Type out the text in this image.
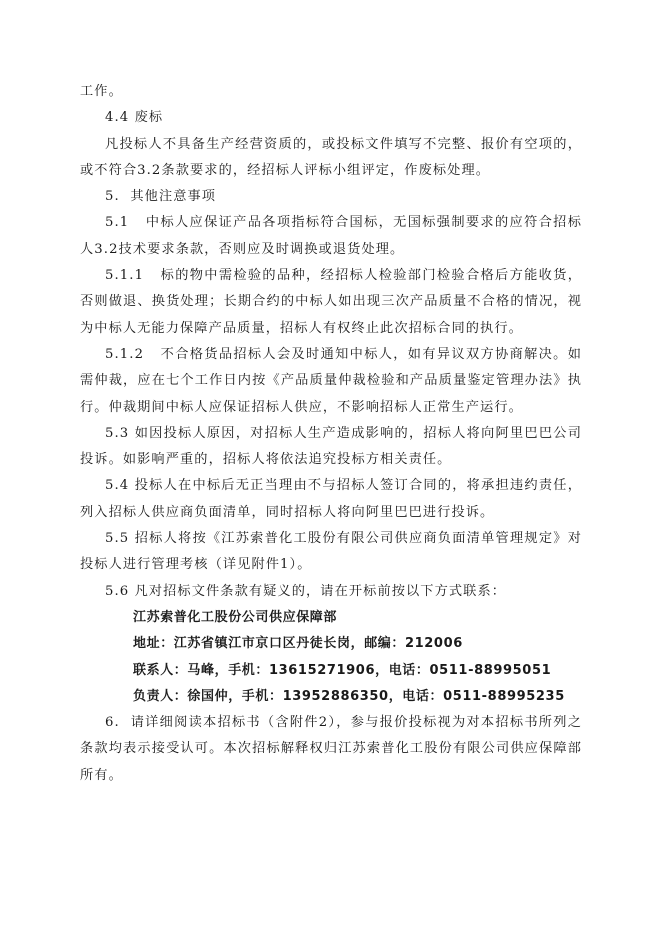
工作。

4.4 废标

凡投标人不具备生产经营资质的，或投标文件填写不完整、报价有空项的，或不符合3.2条款要求的，经招标人评标小组评定，作废标处理。

5.  其他注意事项

5.1   中标人应保证产品各项指标符合国标，无国标强制要求的应符合招标人3.2技术要求条款，否则应及时调换或退货处理。

5.1.1   标的物中需检验的品种，经招标人检验部门检验合格后方能收货，否则做退、换货处理；长期合约的中标人如出现三次产品质量不合格的情况，视为中标人无能力保障产品质量，招标人有权终止此次招标合同的执行。

5.1.2   不合格货品招标人会及时通知中标人，如有异议双方协商解决。如需仲裁，应在七个工作日内按《产品质量仲裁检验和产品质量鉴定管理办法》执行。仲裁期间中标人应保证招标人供应，不影响招标人正常生产运行。

5.3 如因投标人原因，对招标人生产造成影响的，招标人将向阿里巴巴公司投诉。如影响严重的，招标人将依法追究投标方相关责任。

5.4 投标人在中标后无正当理由不与招标人签订合同的，将承担违约责任，列入招标人供应商负面清单，同时招标人将向阿里巴巴进行投诉。

5.5 招标人将按《江苏索普化工股份有限公司供应商负面清单管理规定》对投标人进行管理考核（详见附件1）。

5.6 凡对招标文件条款有疑义的，请在开标前按以下方式联系：

江苏索普化工股份公司供应保障部

地址：江苏省镇江市京口区丹徒长岗，邮编：212006

联系人：马峰，手机：13615271906，电话：0511-88995051

负责人：徐国仲，手机：13952886350，电话：0511-88995235

6.  请详细阅读本招标书（含附件2），参与报价投标视为对本招标书所列之条款均表示接受认可。本次招标解释权归江苏索普化工股份有限公司供应保障部所有。
